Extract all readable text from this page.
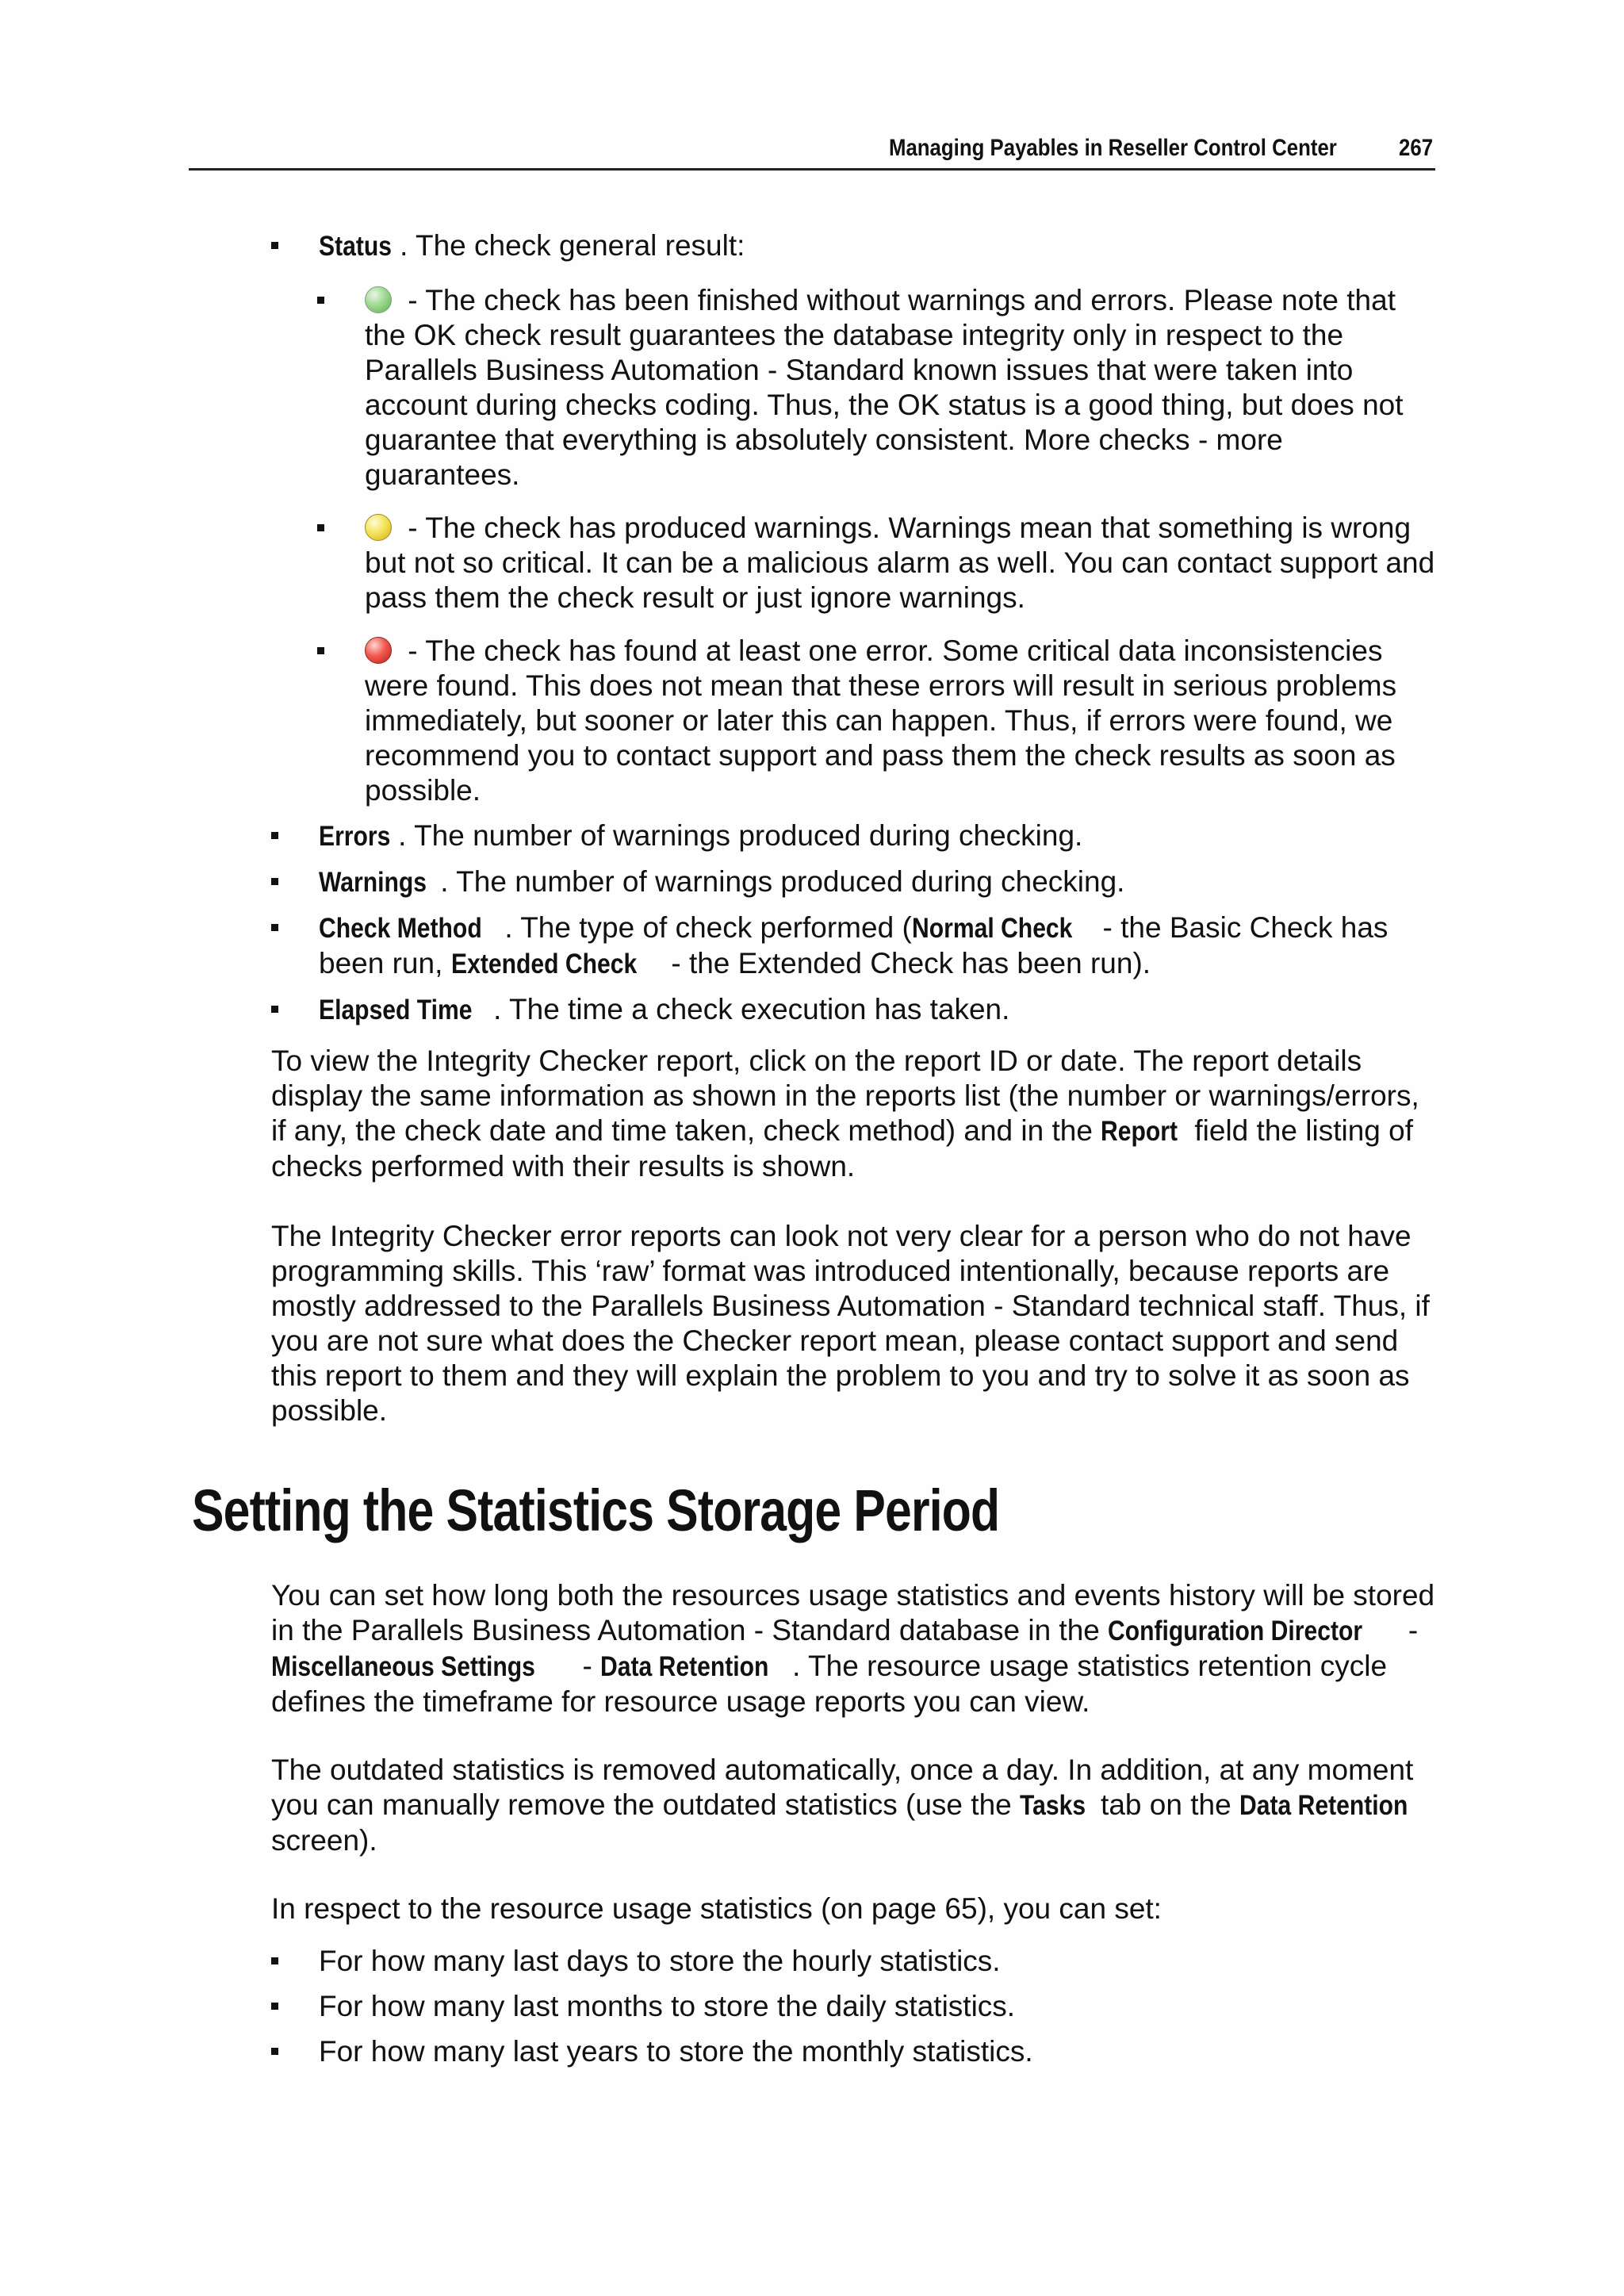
Managing Payables in Reseller Control Center	267
Status . The check general result:
- The check has been finished without warnings and errors. Please note that the OK check result guarantees the database integrity only in respect to the Parallels Business Automation - Standard known issues that were taken into account during checks coding. Thus, the OK status is a good thing, but does not guarantee that everything is absolutely consistent. More checks - more guarantees.
- The check has produced warnings. Warnings mean that something is wrong but not so critical. It can be a malicious alarm as well. You can contact support and pass them the check result or just ignore warnings.
- The check has found at least one error. Some critical data inconsistencies were found. This does not mean that these errors will result in serious problems immediately, but sooner or later this can happen. Thus, if errors were found, we recommend you to contact support and pass them the check results as soon as possible.
Errors . The number of warnings produced during checking.
Warnings . The number of warnings produced during checking.
Check Method . The type of check performed (Normal Check - the Basic Check has been run, Extended Check - the Extended Check has been run).
Elapsed Time . The time a check execution has taken.

To view the Integrity Checker report, click on the report ID or date. The report details display the same information as shown in the reports list (the number or warnings/errors, if any, the check date and time taken, check method) and in the Report field the listing of checks performed with their results is shown.

The Integrity Checker error reports can look not very clear for a person who do not have programming skills. This ‘raw’ format was introduced intentionally, because reports are mostly addressed to the Parallels Business Automation - Standard technical staff. Thus, if you are not sure what does the Checker report mean, please contact support and send this report to them and they will explain the problem to you and try to solve it as soon as possible.

Setting the Statistics Storage Period

You can set how long both the resources usage statistics and events history will be stored in the Parallels Business Automation - Standard database in the Configuration Director - Miscellaneous Settings - Data Retention . The resource usage statistics retention cycle defines the timeframe for resource usage reports you can view.

The outdated statistics is removed automatically, once a day. In addition, at any moment you can manually remove the outdated statistics (use the Tasks tab on the Data Retention screen).

In respect to the resource usage statistics (on page 65), you can set:

For how many last days to store the hourly statistics.
For how many last months to store the daily statistics.
For how many last years to store the monthly statistics.
